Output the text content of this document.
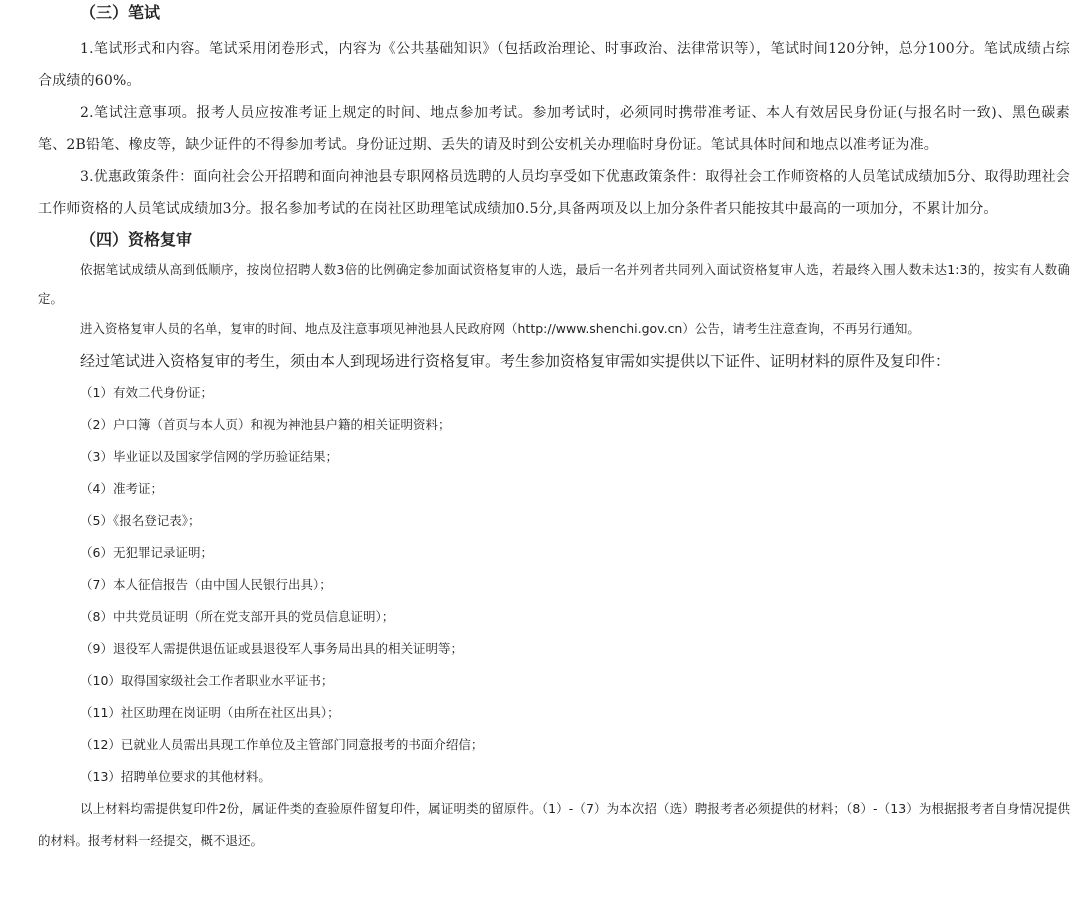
（三）笔试

1.笔试形式和内容。笔试采用闭卷形式，内容为《公共基础知识》（包括政治理论、时事政治、法律常识等），笔试时间120分钟，总分100分。笔试成绩占综合成绩的60%。

2.笔试注意事项。报考人员应按准考证上规定的时间、地点参加考试。参加考试时，必须同时携带准考证、本人有效居民身份证(与报名时一致)、黑色碳素笔、2B铅笔、橡皮等，缺少证件的不得参加考试。身份证过期、丢失的请及时到公安机关办理临时身份证。笔试具体时间和地点以准考证为准。

3.优惠政策条件：面向社会公开招聘和面向神池县专职网格员选聘的人员均享受如下优惠政策条件：取得社会工作师资格的人员笔试成绩加5分、取得助理社会工作师资格的人员笔试成绩加3分。报名参加考试的在岗社区助理笔试成绩加0.5分,具备两项及以上加分条件者只能按其中最高的一项加分，不累计加分。

（四）资格复审

依据笔试成绩从高到低顺序，按岗位招聘人数3倍的比例确定参加面试资格复审的人选，最后一名并列者共同列入面试资格复审人选，若最终入围人数未达1:3的，按实有人数确定。

进入资格复审人员的名单，复审的时间、地点及注意事项见神池县人民政府网（http://www.shenchi.gov.cn）公告，请考生注意查询，不再另行通知。

经过笔试进入资格复审的考生，须由本人到现场进行资格复审。考生参加资格复审需如实提供以下证件、证明材料的原件及复印件：

（1）有效二代身份证；
（2）户口簿（首页与本人页）和视为神池县户籍的相关证明资料；
（3）毕业证以及国家学信网的学历验证结果；
（4）准考证；
（5）《报名登记表》；
（6）无犯罪记录证明；
（7）本人征信报告（由中国人民银行出具）；
（8）中共党员证明（所在党支部开具的党员信息证明）；
（9）退役军人需提供退伍证或县退役军人事务局出具的相关证明等；
（10）取得国家级社会工作者职业水平证书；
（11）社区助理在岗证明（由所在社区出具）；
（12）已就业人员需出具现工作单位及主管部门同意报考的书面介绍信；
（13）招聘单位要求的其他材料。

以上材料均需提供复印件2份，属证件类的查验原件留复印件，属证明类的留原件。（1）-（7）为本次招（选）聘报考者必须提供的材料；（8）-（13）为根据报考者自身情况提供的材料。报考材料一经提交，概不退还。
